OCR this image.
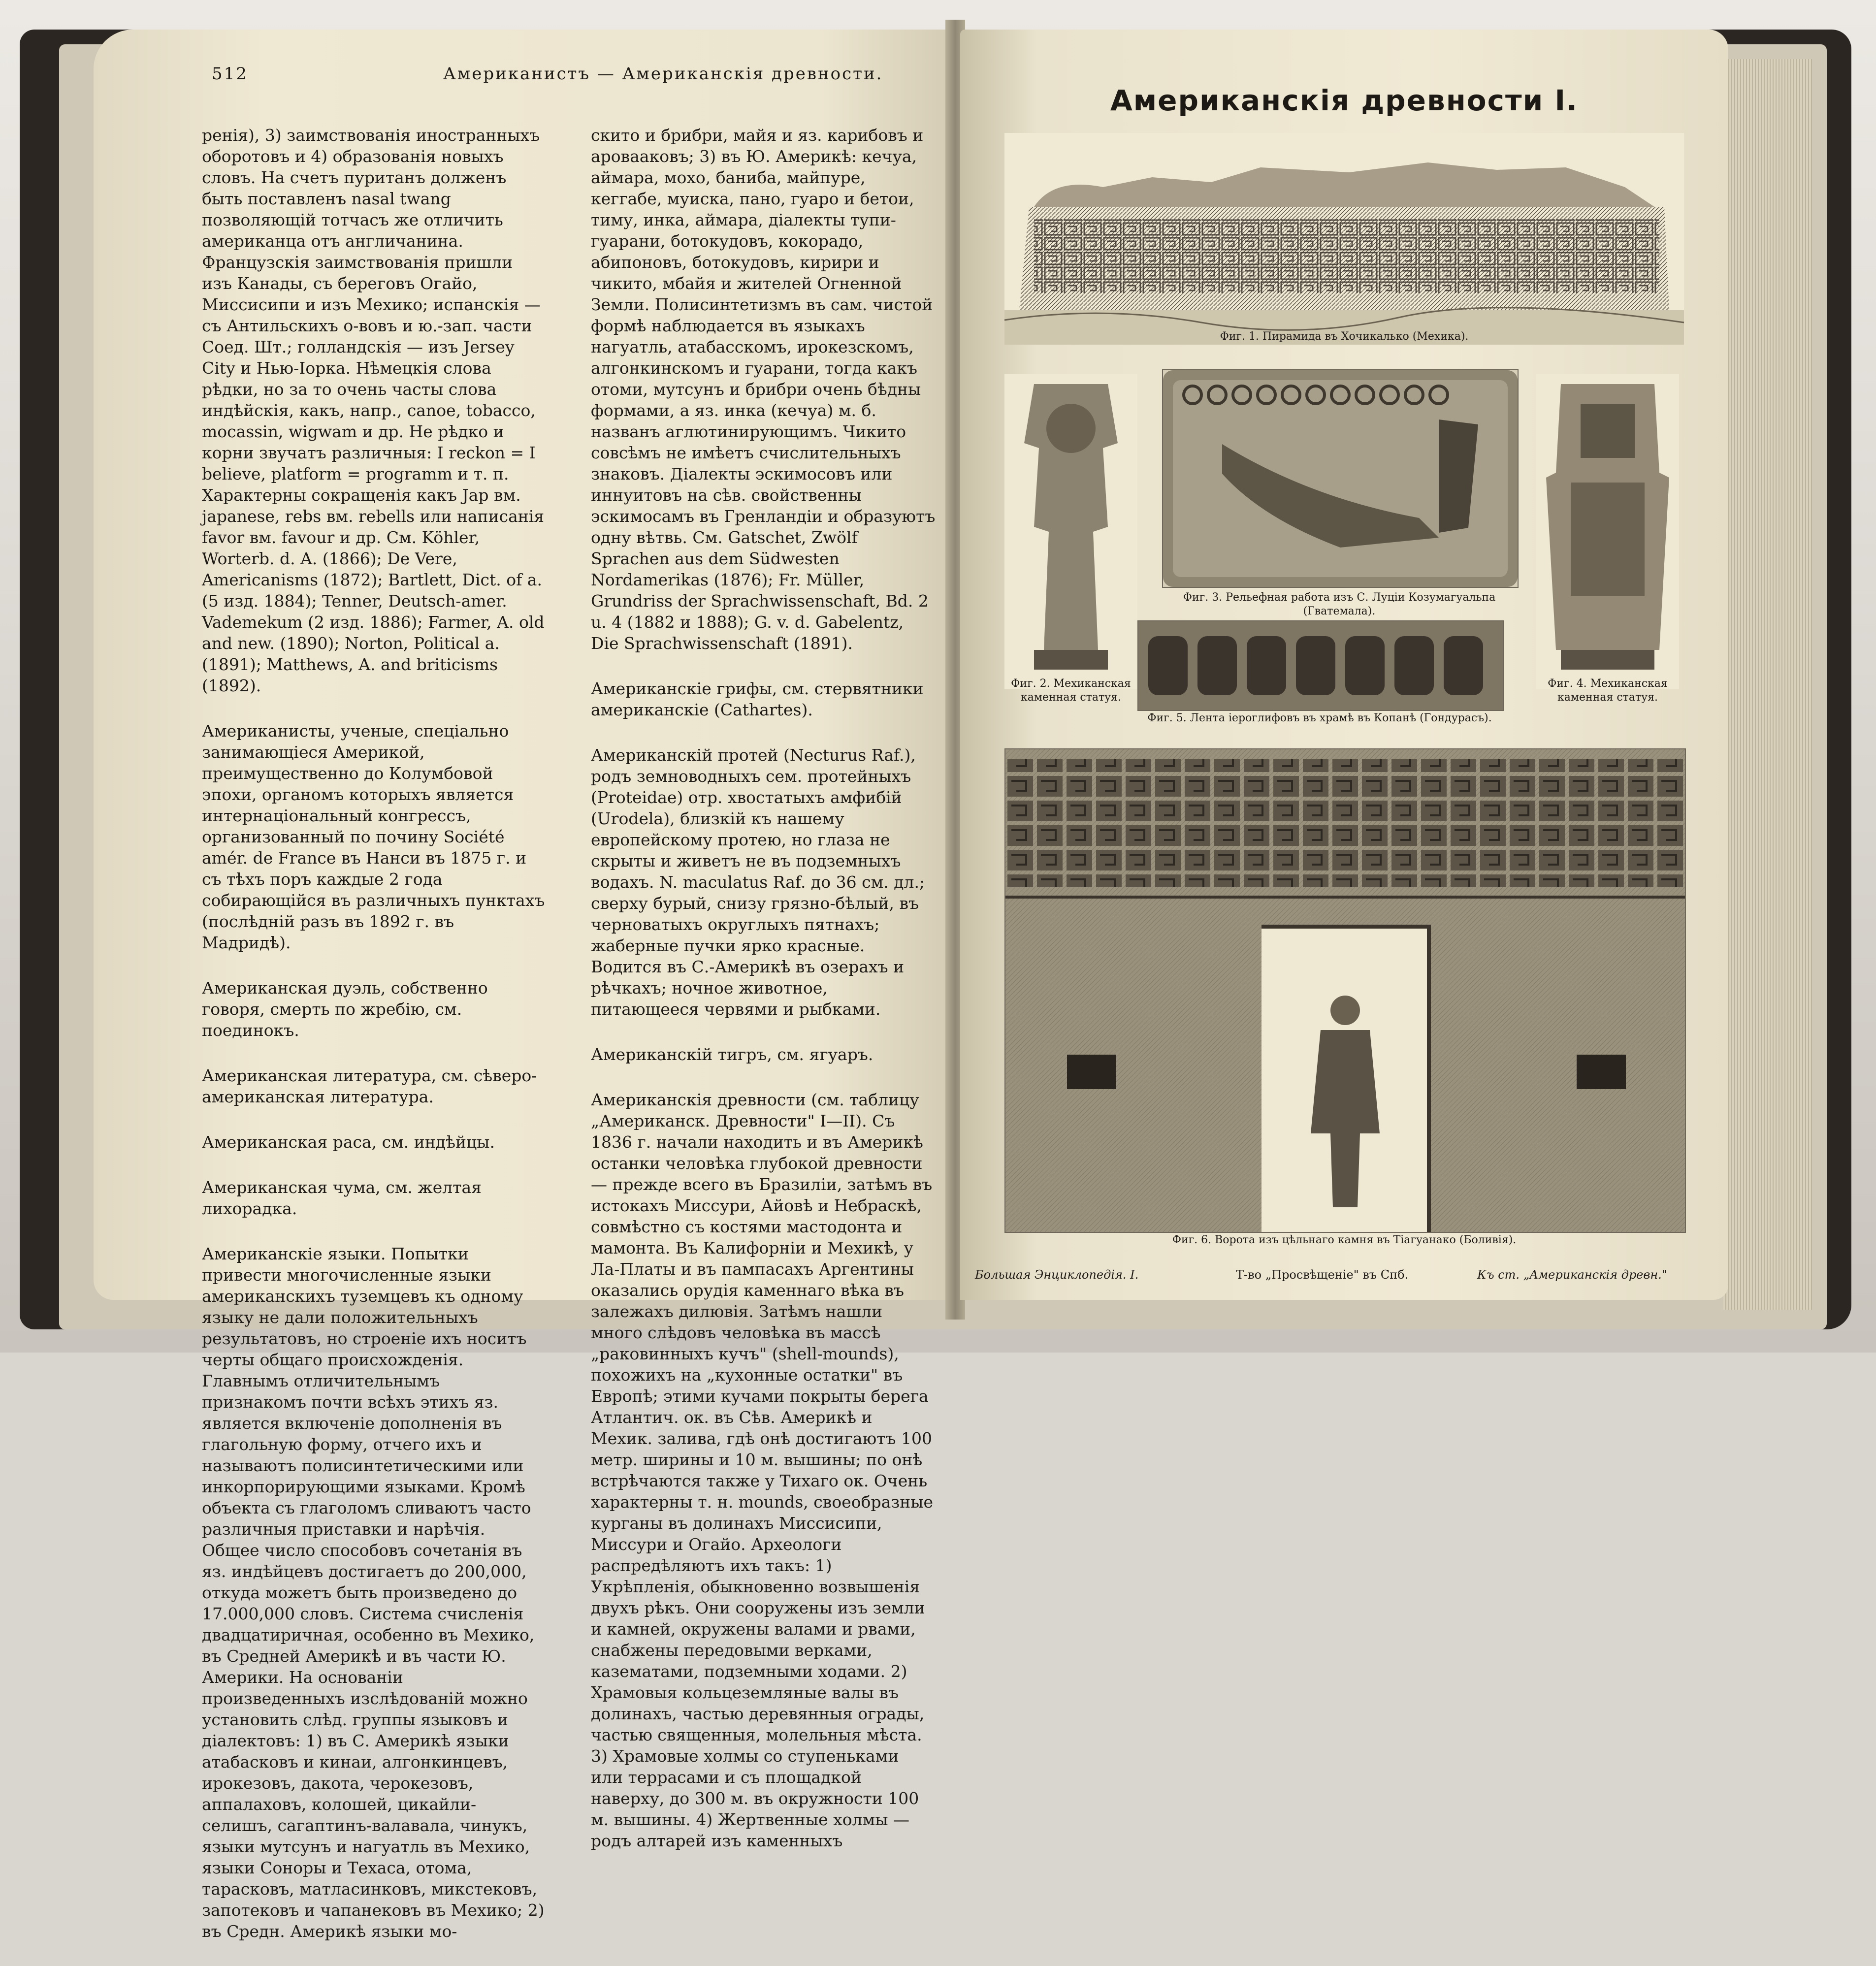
512	Американистъ — Американскія древности.

ренія), 3) заимствованія иностранныхъ оборотовъ и 4) образованія новыхъ словъ. На счетъ пуританъ долженъ быть поставленъ nasal twang позволяющій тотчасъ же отличить американца отъ англичанина. Французскія заимствованія пришли изъ Канады, съ береговъ Огайо, Миссисипи и изъ Мехико; испанскія — съ Антильскихъ о-вовъ и ю.-зап. части Соед. Шт.; голландскія — изъ Jersey City и Нью-Іорка. Нѣмецкія слова рѣдки, но за то очень часты слова индѣйскія, какъ, напр., canoe, tobacco, mocassin, wigwam и др. Не рѣдко и корни звучатъ различныя: I reckon = I believe, platform = programm и т. п. Характерны сокращенія какъ Jap вм. japanese, rebs вм. rebells или написанія favor вм. favour и др. См. Köhler, Worterb. d. A. (1866); De Vere, Americanisms (1872); Bartlett, Dict. of a. (5 изд. 1884); Tenner, Deutsch-amer. Vademekum (2 изд. 1886); Farmer, A. old and new. (1890); Norton, Political a. (1891); Matthews, A. and briticisms (1892).

Американисты, ученые, спеціально занимающіеся Америкой, преимущественно до Колумбовой эпохи, органомъ которыхъ является интернаціональный конгрессъ, организованный по почину Société amér. de France въ Нанси въ 1875 г. и съ тѣхъ поръ каждые 2 года собирающійся въ различныхъ пунктахъ (послѣдній разъ въ 1892 г. въ Мадридѣ).

Американская дуэль, собственно говоря, смерть по жребію, см. поединокъ.

Американская литература, см. сѣверо-американская литература.

Американская раса, см. индѣйцы.

Американская чума, см. желтая лихорадка.

Американскіе языки. Попытки привести многочисленные языки американскихъ туземцевъ къ одному языку не дали положительныхъ результатовъ, но строеніе ихъ носитъ черты общаго происхожденія. Главнымъ отличительнымъ признакомъ почти всѣхъ этихъ яз. является включеніе дополненія въ глагольную форму, отчего ихъ и называютъ полисинтетическими или инкорпорирующими языками. Кромѣ объекта съ глаголомъ сливаютъ часто различныя приставки и нарѣчія. Общее число способовъ сочетанія въ яз. индѣйцевъ достигаетъ до 200,000, откуда можетъ быть произведено до 17.000,000 словъ. Система счисленія двадцатиричная, особенно въ Мехико, въ Средней Америкѣ и въ части Ю. Америки. На основаніи произведенныхъ изслѣдованій можно установить слѣд. группы языковъ и діалектовъ: 1) въ С. Америкѣ языки атабасковъ и кинаи, алгонкинцевъ, ирокезовъ, дакота, черокезовъ, аппалаховъ, колошей, цикайли-селишъ, сагаптинъ-валавала, чинукъ, языки мутсунъ и нагуатль въ Мехико, языки Соноры и Техаса, отома, тарасковъ, матласинковъ, микстековъ, запотековъ и чапанековъ въ Мехико; 2) въ Средн. Америкѣ языки мо-

скито и брибри, майя и яз. карибовъ и аровааковъ; 3) въ Ю. Америкѣ: кечуа, аймара, мохо, баниба, майпуре, кеггабе, муиска, пано, гуаро и бетои, тиму, инка, аймара, діалекты тупи-гуарани, ботокудовъ, кокорадо, абипоновъ, ботокудовъ, кирири и чикито, мбайя и жителей Огненной Земли. Полисинтетизмъ въ сам. чистой формѣ наблюдается въ языкахъ нагуатль, атабасскомъ, ирокезскомъ, алгонкинскомъ и гуарани, тогда какъ отоми, мутсунъ и брибри очень бѣдны формами, а яз. инка (кечуа) м. б. названъ аглютинирующимъ. Чикито совсѣмъ не имѣетъ счислительныхъ знаковъ. Діалекты эскимосовъ или иннуитовъ на сѣв. свойственны эскимосамъ въ Гренландіи и образуютъ одну вѣтвь. См. Gatschet, Zwölf Sprachen aus dem Südwesten Nordamerikas (1876); Fr. Müller, Grundriss der Sprachwissenschaft, Bd. 2 u. 4 (1882 и 1888); G. v. d. Gabelentz, Die Sprachwissenschaft (1891).

Американскіе грифы, см. стервятники американскіе (Cathartes).

Американскій протей (Necturus Raf.), родъ земноводныхъ сем. протейныхъ (Proteidae) отр. хвостатыхъ амфибій (Urodela), близкій къ нашему европейскому протею, но глаза не скрыты и живетъ не въ подземныхъ водахъ. N. maculatus Raf. до 36 см. дл.; сверху бурый, снизу грязно-бѣлый, въ черноватыхъ округлыхъ пятнахъ; жаберные пучки ярко красные. Водится въ С.-Америкѣ въ озерахъ и рѣчкахъ; ночное животное, питающееся червями и рыбками.

Американскій тигръ, см. ягуаръ.

Американскія древности (см. таблицу „Американск. Древности" I—II). Съ 1836 г. начали находить и въ Америкѣ останки человѣка глубокой древности — прежде всего въ Бразиліи, затѣмъ въ истокахъ Миссури, Айовѣ и Небраскѣ, совмѣстно съ костями мастодонта и мамонта. Въ Калифорніи и Мехикѣ, у Ла-Платы и въ пампасахъ Аргентины оказались орудія каменнаго вѣка въ залежахъ дилювія. Затѣмъ нашли много слѣдовъ человѣка въ массѣ „раковинныхъ кучъ" (shell-mounds), похожихъ на „кухонные остатки" въ Европѣ; этими кучами покрыты берега Атлантич. ок. въ Сѣв. Америкѣ и Мехик. залива, гдѣ онѣ достигаютъ 100 метр. ширины и 10 м. вышины; по онѣ встрѣчаются также у Тихаго ок. Очень характерны т. н. mounds, своеобразные курганы въ долинахъ Миссисипи, Миссури и Огайо. Археологи распредѣляютъ ихъ такъ: 1) Укрѣпленія, обыкновенно возвышенія двухъ рѣкъ. Они сооружены изъ земли и камней, окружены валами и рвами, снабжены передовыми верками, казематами, подземными ходами. 2) Храмовыя кольцеземляные валы въ долинахъ, частью деревянныя ограды, частью священныя, молельныя мѣста. 3) Храмовые холмы со ступеньками или террасами и съ площадкой наверху, до 300 м. въ окружности 100 м. вышины. 4) Жертвенные холмы — родъ алтарей изъ каменныхъ

Американскія древности I.
Фиг. 1. Пирамида въ Хочикалько (Мехика).
Фиг. 2. Мехиканская каменная статуя.
Фиг. 3. Рельефная работа изъ С. Луціи Козумагуальпа (Гватемала).
Фиг. 4. Мехиканская каменная статуя.
Фиг. 5. Лента іероглифовъ въ храмѣ въ Копанѣ (Гондурасъ).
Фиг. 6. Ворота изъ цѣльнаго камня въ Тіагуанако (Боливія).
Большая Энциклопедія. I.	Т-во „Просвѣщеніе" въ Спб.	Къ ст. „Американскія древн."
